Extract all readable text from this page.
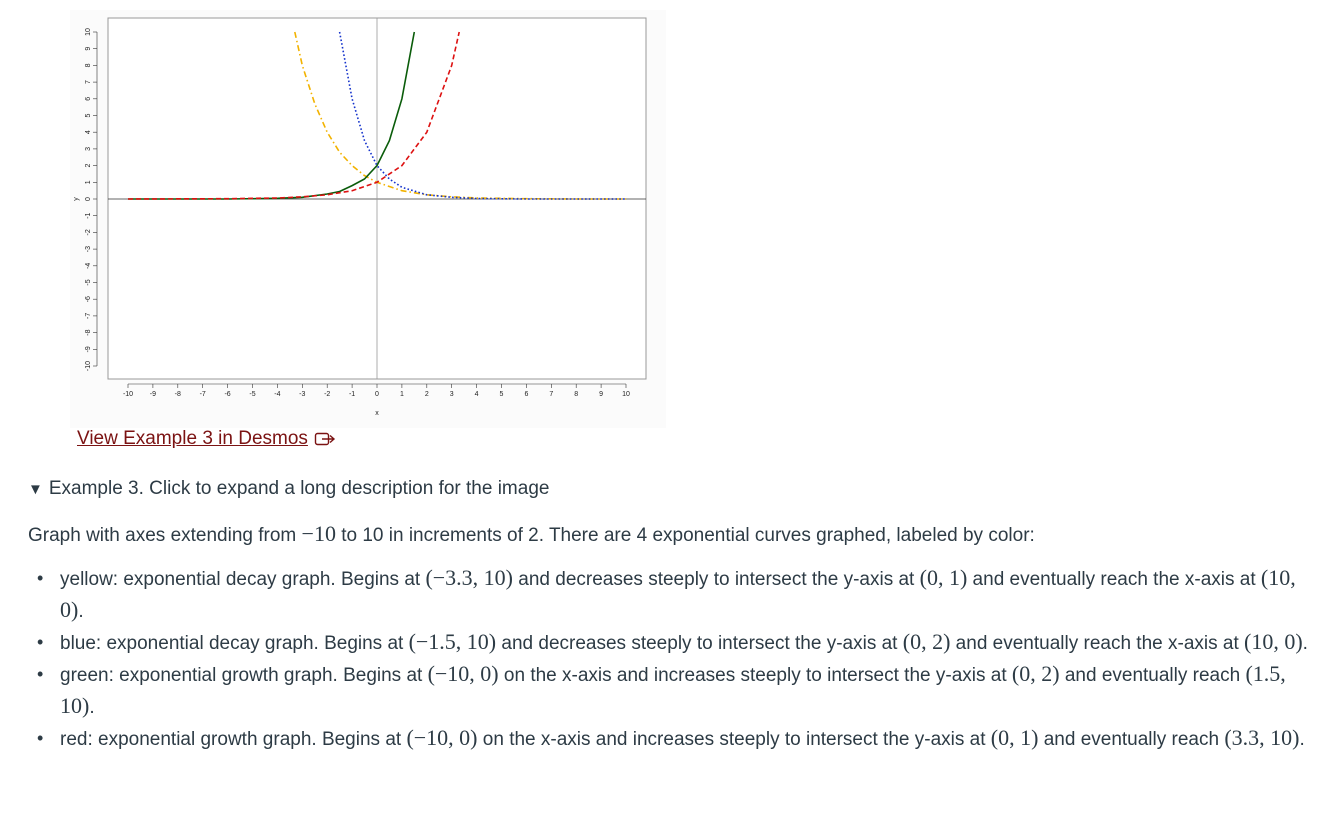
-10 -9	-8	-7	-6	-5	-4	-3	-2	-1	0	1	2	3	4	5	6	7	8	9	10
-10
-9
-8
-7
-6
-5
-4
-3
-2
-1
0
1
2
3
4
5
6
7
8
9
10
x
y
View Example 3 in Desmos
▼ Example 3. Click to expand a long description for the image

Graph with axes extending from −10 to 10 in increments of 2. There are 4 exponential curves graphed, labeled by color:

• yellow: exponential decay graph. Begins at (−3.3, 10) and decreases steeply to intersect the y-axis at (0, 1) and eventually reach the x-axis at (10, 0).
• blue: exponential decay graph. Begins at (−1.5, 10) and decreases steeply to intersect the y-axis at (0, 2) and eventually reach the x-axis at (10, 0).
• green: exponential growth graph. Begins at (−10, 0) on the x-axis and increases steeply to intersect the y-axis at (0, 2) and eventually reach (1.5, 10).
• red: exponential growth graph. Begins at (−10, 0) on the x-axis and increases steeply to intersect the y-axis at (0, 1) and eventually reach (3.3, 10).
